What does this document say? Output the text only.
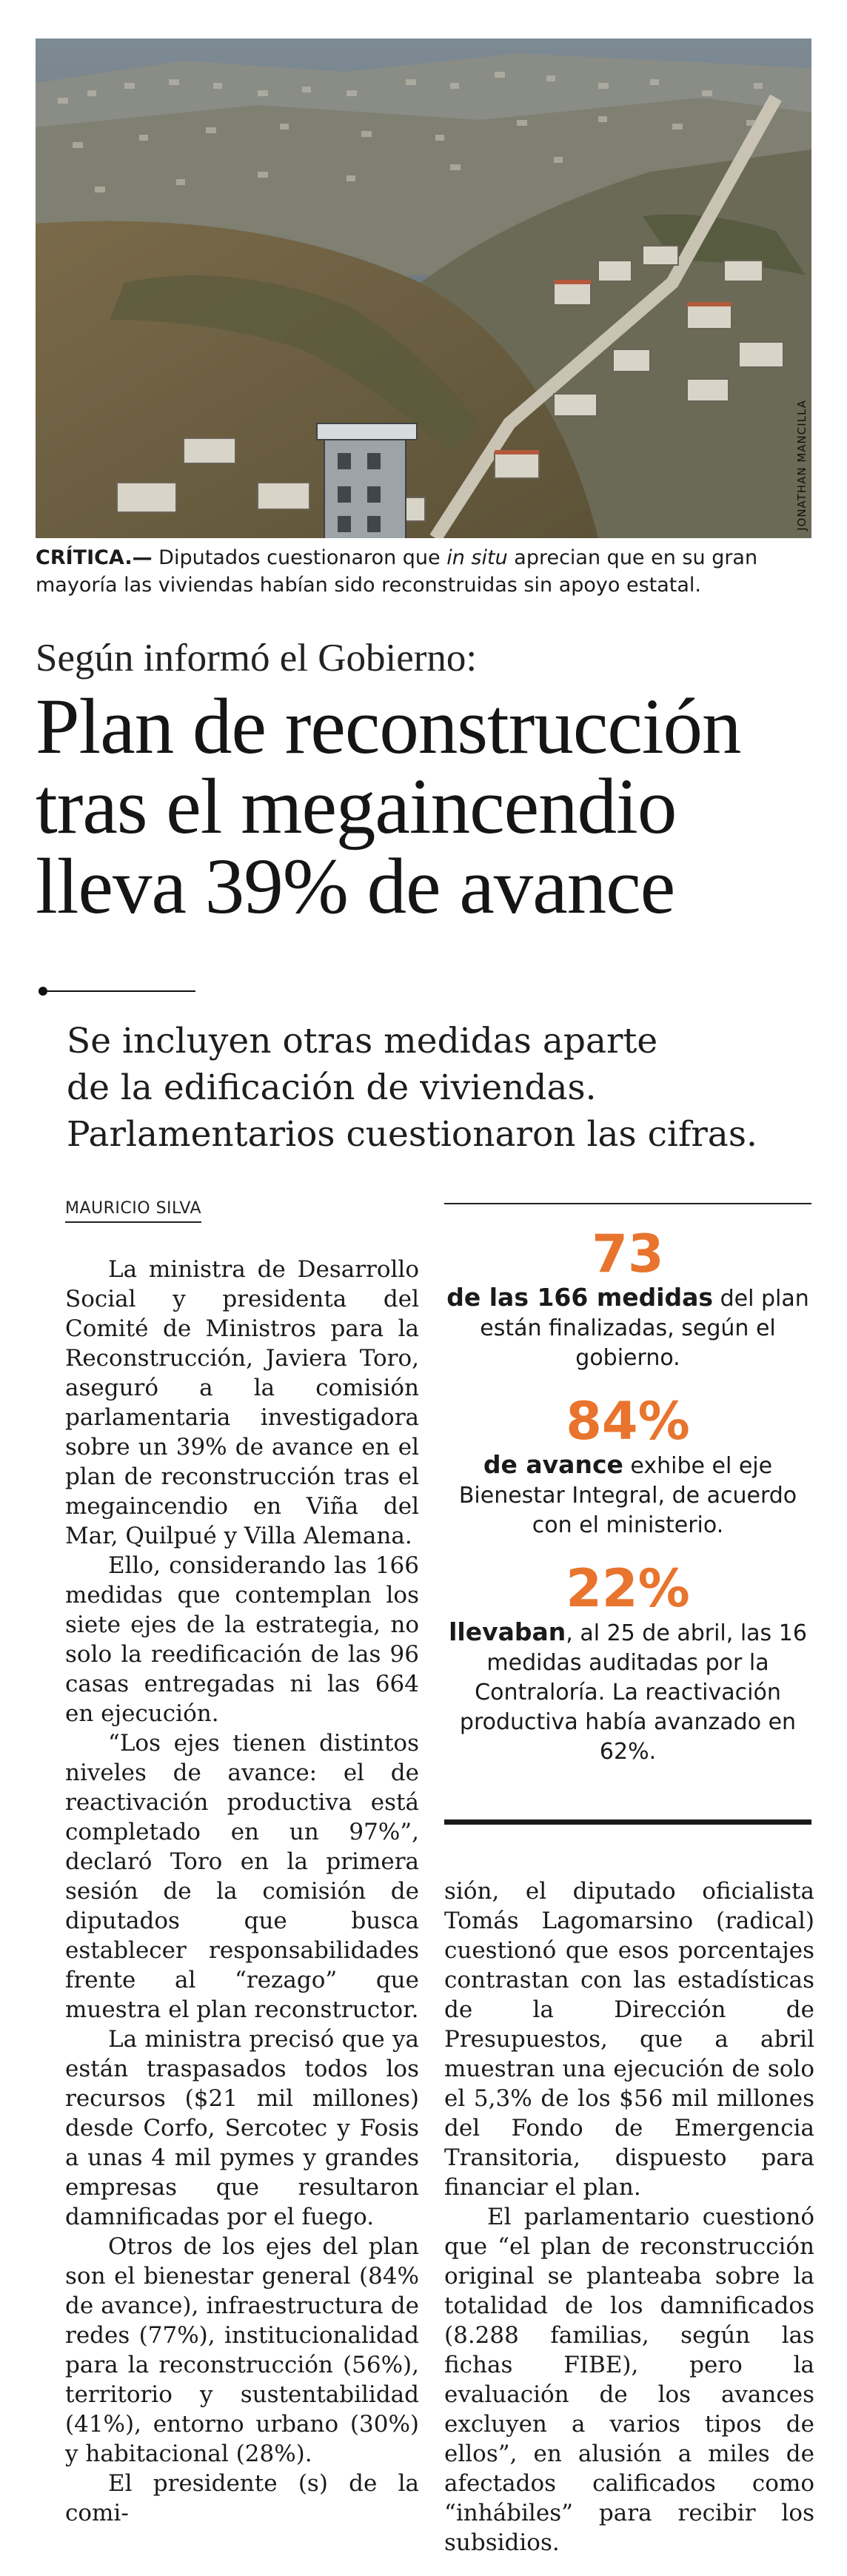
JONATHAN MANCILLA
CRÍTICA.— Diputados cuestionaron que in situ aprecian que en su gran mayoría las viviendas habían sido reconstruidas sin apoyo estatal.
Según informó el Gobierno:
Plan de reconstrucción
tras el megaincendio
lleva 39% de avance
Se incluyen otras medidas aparte
de la edificación de viviendas.
Parlamentarios cuestionaron las cifras.
MAURICIO SILVA

La ministra de Desarrollo Social y presidenta del Comité de Ministros para la Reconstrucción, Javiera Toro, aseguró a la comisión parlamentaria investigadora sobre un 39% de avance en el plan de reconstrucción tras el megaincendio en Viña del Mar, Quilpué y Villa Alemana.

Ello, considerando las 166 medidas que contemplan los siete ejes de la estrategia, no solo la reedificación de las 96 casas entregadas ni las 664 en ejecución.

“Los ejes tienen distintos niveles de avance: el de reactivación productiva está completado en un 97%”, declaró Toro en la primera sesión de la comisión de diputados que busca establecer responsabilidades frente al “rezago” que muestra el plan reconstructor.

La ministra precisó que ya están traspasados todos los recursos ($21 mil millones) desde Corfo, Sercotec y Fosis a unas 4 mil pymes y grandes empresas que resultaron damnificadas por el fuego.

Otros de los ejes del plan son el bienestar general (84% de avance), infraestructura de redes (77%), institucionalidad para la reconstrucción (56%), territorio y sustentabilidad (41%), entorno urbano (30%) y habitacional (28%).

El presidente (s) de la comi-

73
de las 166 medidas del plan están finalizadas, según el gobierno.
84%
de avance exhibe el eje Bienestar Integral, de acuerdo con el ministerio.
22%
llevaban, al 25 de abril, las 16 medidas auditadas por la Contraloría. La reactivación productiva había avanzado en 62%.

sión, el diputado oficialista Tomás Lagomarsino (radical) cuestionó que esos porcentajes contrastan con las estadísticas de la Dirección de Presupuestos, que a abril muestran una ejecución de solo el 5,3% de los $56 mil millones del Fondo de Emergencia Transitoria, dispuesto para financiar el plan.

El parlamentario cuestionó que “el plan de reconstrucción original se planteaba sobre la totalidad de los damnificados (8.288 familias, según las fichas FIBE), pero la evaluación de los avances excluyen a varios tipos de ellos”, en alusión a miles de afectados calificados como “inhábiles” para recibir los subsidios.
